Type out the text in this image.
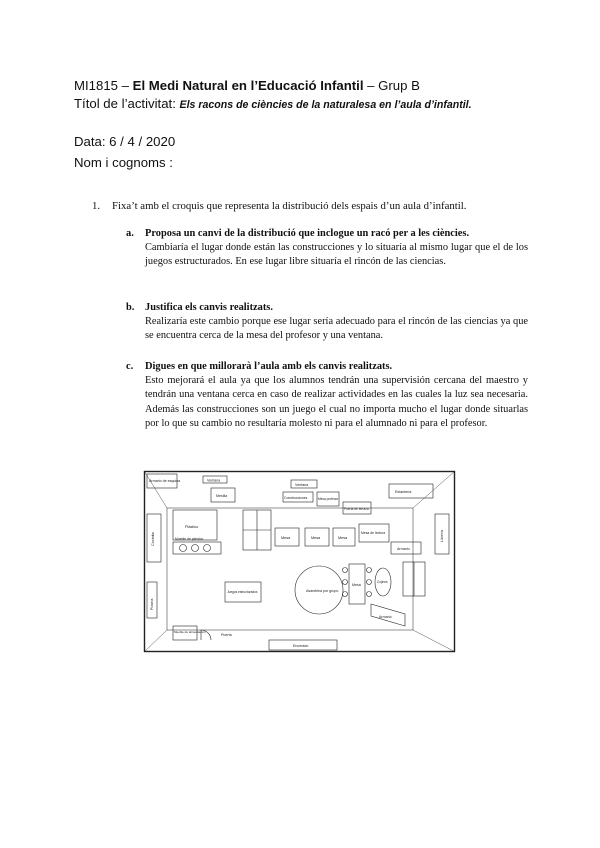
MI1815 – El Medi Natural en l’Educació Infantil – Grup B
Títol de l’activitat: Els racons de ciències de la naturalesa en l’aula d’infantil.
Data: 6 / 4 / 2020
Nom i cognoms :
1. Fixa’t amb el croquis que representa la distribució dels espais d’un aula d’infantil.
a. Proposa un canvi de la distribució que inclogue un racó per a les ciències.
Cambiaría el lugar donde están las construcciones y lo situaría al mismo lugar que el de los juegos estructurados. En ese lugar libre situaría el rincón de las ciencias.
b. Justifica els canvis realitzats.
Realizaría este cambio porque ese lugar sería adecuado para el rincón de las ciencias ya que se encuentra cerca de la mesa del profesor y una ventana.
c. Digues en que millorarà l’aula amb els canvis realitzats.
Esto mejorará el aula ya que los alumnos tendrán una supervisión cercana del maestro y tendrán una ventana cerca en caso de realizar actividades en las cuales la luz sea necesaria. Además las construcciones son un juego el cual no importa mucho el lugar donde situarlas por lo que su cambio no resultaría molesto ni para el alumnado ni para el profesor.
Armario de esquina	Ventana
Mesilla
Ventana
Construcciones	Mesa profesor
Puerta de terraza
Estantería
Cocinita
Plástico
Mueble de plástico	Mesa	Mesa	Mesa
Mesa de lectura
Armario
Librería
Juegos estructurados	Asamblea por grupo
Mesa
Cojines
Pizarra
Armario
Mueble de alimentación
Puerta
Encerado
